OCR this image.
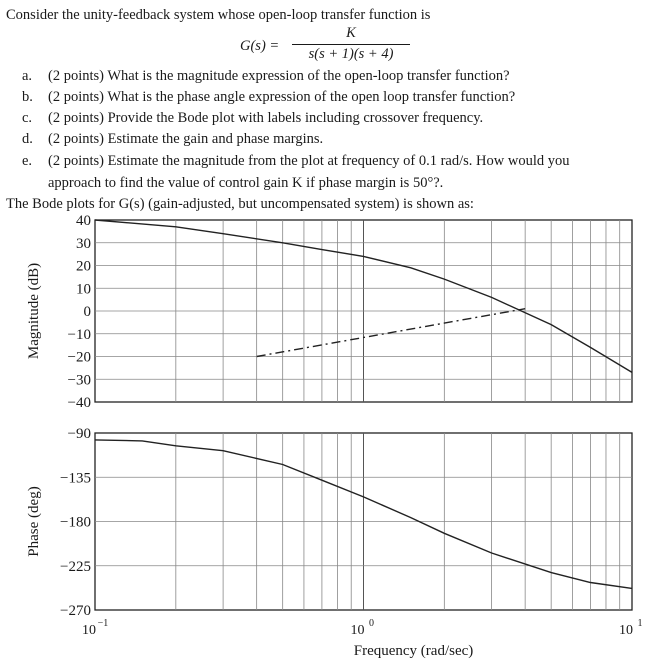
Consider the unity-feedback system whose open-loop transfer function is
G(s) =
K
s(s + 1)(s + 4)
a. (2 points) What is the magnitude expression of the open-loop transfer function?
b. (2 points) What is the phase angle expression of the open loop transfer function?
c. (2 points) Provide the Bode plot with labels including crossover frequency.
d. (2 points) Estimate the gain and phase margins.
e. (2 points) Estimate the magnitude from the plot at frequency of 0.1 rad/s. How would you
approach to find the value of control gain K if phase margin is 50°?.
The Bode plots for G(s) (gain-adjusted, but uncompensated system) is shown as:
40
30
20
10
0
−10
−20
−30
−40
Magnitude (dB)
−90
−135
−180
−225
−270
Phase (deg)
10 −1	10 0	10 1
Frequency (rad/sec)
